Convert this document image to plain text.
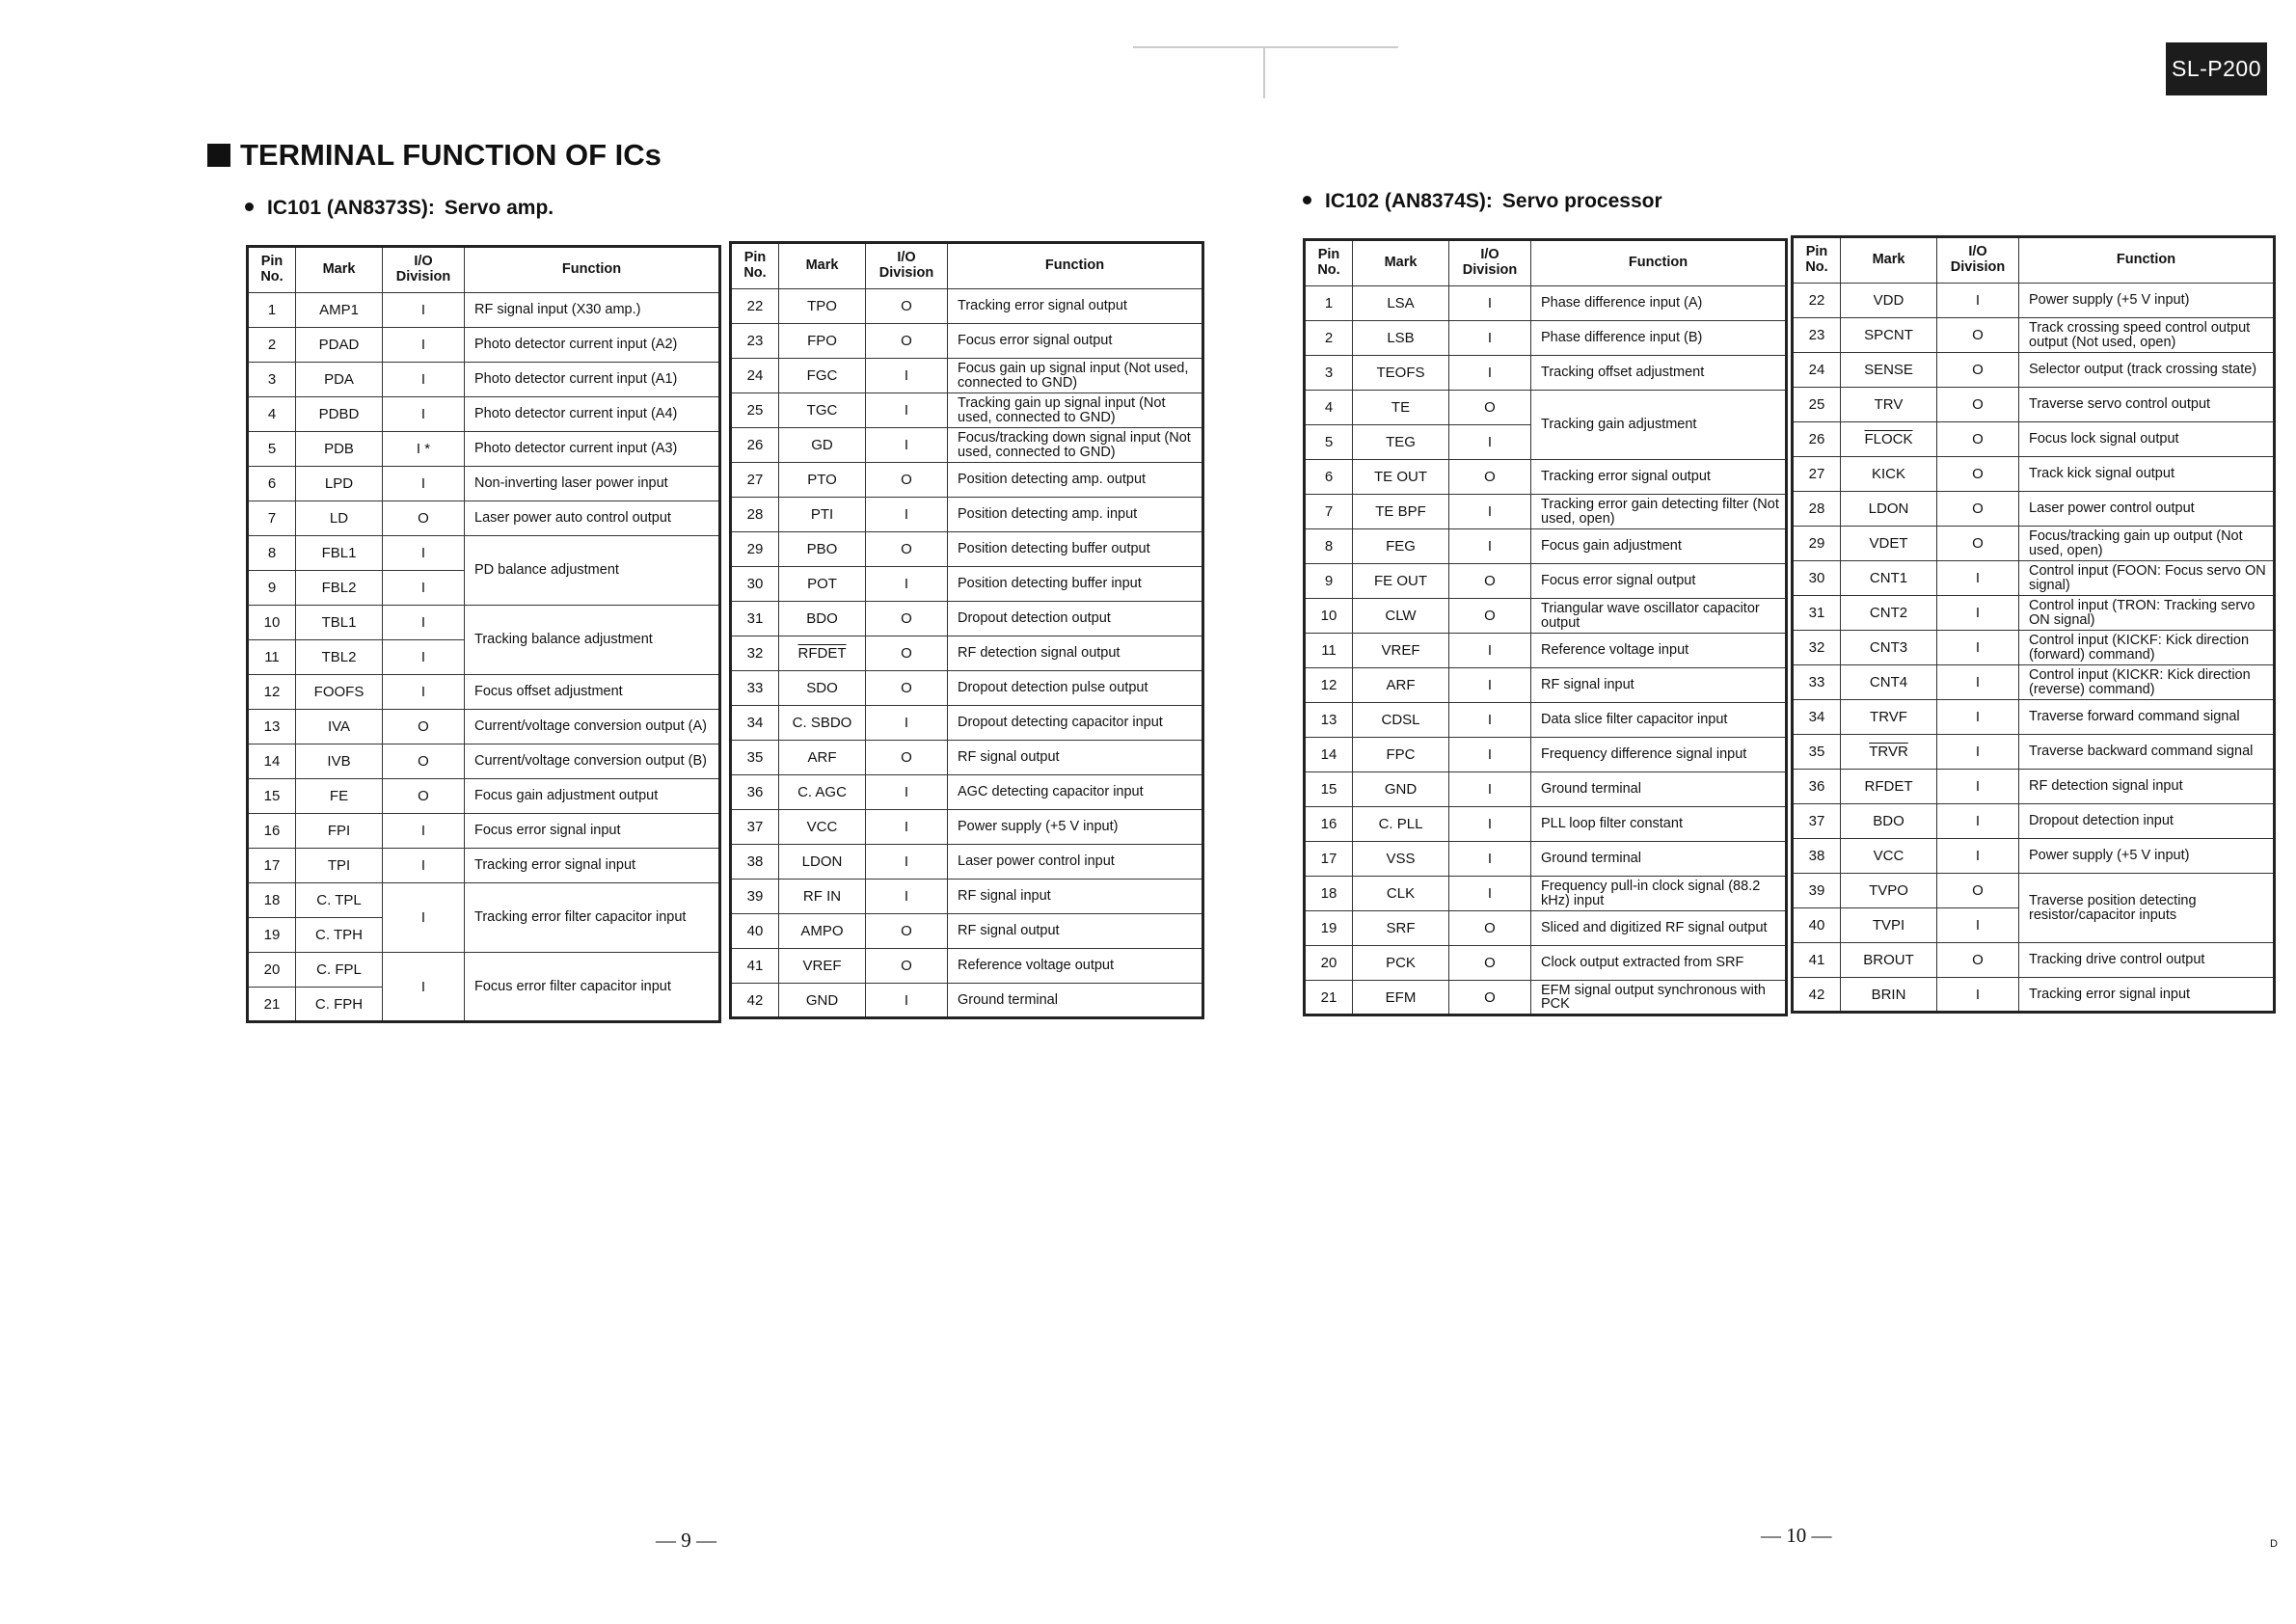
SL-P200
TERMINAL FUNCTION OF ICs
IC101 (AN8373S): Servo amp.	IC102 (AN8374S): Servo processor
Pin No.	Mark	I/O Division	Function
1	AMP1	I	RF signal input (X30 amp.)
2	PDAD	I	Photo detector current input (A2)
3	PDA	I	Photo detector current input (A1)
4	PDBD	I	Photo detector current input (A4)
5	PDB	I *	Photo detector current input (A3)
6	LPD	I	Non-inverting laser power input
7	LD	O	Laser power auto control output
8	FBL1	I	PD balance adjustment
9	FBL2	I	
10	TBL1	I	Tracking balance adjustment
11	TBL2	I	
12	FOOFS	I	Focus offset adjustment
13	IVA	O	Current/voltage conversion output (A)
14	IVB	O	Current/voltage conversion output (B)
15	FE	O	Focus gain adjustment output
16	FPI	I	Focus error signal input
17	TPI	I	Tracking error signal input
18	C. TPL	I	Tracking error filter capacitor input
19	C. TPH		
20	C. FPL	I	Focus error filter capacitor input
21	C. FPH		
Pin No.	Mark	I/O Division	Function
22	TPO	O	Tracking error signal output
23	FPO	O	Focus error signal output
24	FGC	I	Focus gain up signal input (Not used, connected to GND)
25	TGC	I	Tracking gain up signal input (Not used, connected to GND)
26	GD	I	Focus/tracking down signal input (Not used, connected to GND)
27	PTO	O	Position detecting amp. output
28	PTI	I	Position detecting amp. input
29	PBO	O	Position detecting buffer output
30	POT	I	Position detecting buffer input
31	BDO	O	Dropout detection output
32	RFDET	O	RF detection signal output
33	SDO	O	Dropout detection pulse output
34	C. SBDO	I	Dropout detecting capacitor input
35	ARF	O	RF signal output
36	C. AGC	I	AGC detecting capacitor input
37	VCC	I	Power supply (+5 V input)
38	LDON	I	Laser power control input
39	RF IN	I	RF signal input
40	AMPO	O	RF signal output
41	VREF	O	Reference voltage output
42	GND	I	Ground terminal
Pin No.	Mark	I/O Division	Function
1	LSA	I	Phase difference input (A)
2	LSB	I	Phase difference input (B)
3	TEOFS	I	Tracking offset adjustment
4	TE	O	Tracking gain adjustment
5	TEG	I	
6	TE OUT	O	Tracking error signal output
7	TE BPF	I	Tracking error gain detecting filter (Not used, open)
8	FEG	I	Focus gain adjustment
9	FE OUT	O	Focus error signal output
10	CLW	O	Triangular wave oscillator capacitor output
11	VREF	I	Reference voltage input
12	ARF	I	RF signal input
13	CDSL	I	Data slice filter capacitor input
14	FPC	I	Frequency difference signal input
15	GND	I	Ground terminal
16	C. PLL	I	PLL loop filter constant
17	VSS	I	Ground terminal
18	CLK	I	Frequency pull-in clock signal (88.2 kHz) input
19	SRF	O	Sliced and digitized RF signal output
20	PCK	O	Clock output extracted from SRF
21	EFM	O	EFM signal output synchronous with PCK
Pin No.	Mark	I/O Division	Function
22	VDD	I	Power supply (+5 V input)
23	SPCNT	O	Track crossing speed control output output (Not used, open)
24	SENSE	O	Selector output (track crossing state)
25	TRV	O	Traverse servo control output
26	FLOCK	O	Focus lock signal output
27	KICK	O	Track kick signal output
28	LDON	O	Laser power control output
29	VDET	O	Focus/tracking gain up output (Not used, open)
30	CNT1	I	Control input (FOON: Focus servo ON signal)
31	CNT2	I	Control input (TRON: Tracking servo ON signal)
32	CNT3	I	Control input (KICKF: Kick direction (forward) command)
33	CNT4	I	Control input (KICKR: Kick direction (reverse) command)
34	TRVF	I	Traverse forward command signal
35	TRVR	I	Traverse backward command signal
36	RFDET	I	RF detection signal input
37	BDO	I	Dropout detection input
38	VCC	I	Power supply (+5 V input)
39	TVPO	O	Traverse position detecting resistor/capacitor inputs
40	TVPI	I	
41	BROUT	O	Tracking drive control output
42	BRIN	I	Tracking error signal input
— 9 —	— 10 —	D
